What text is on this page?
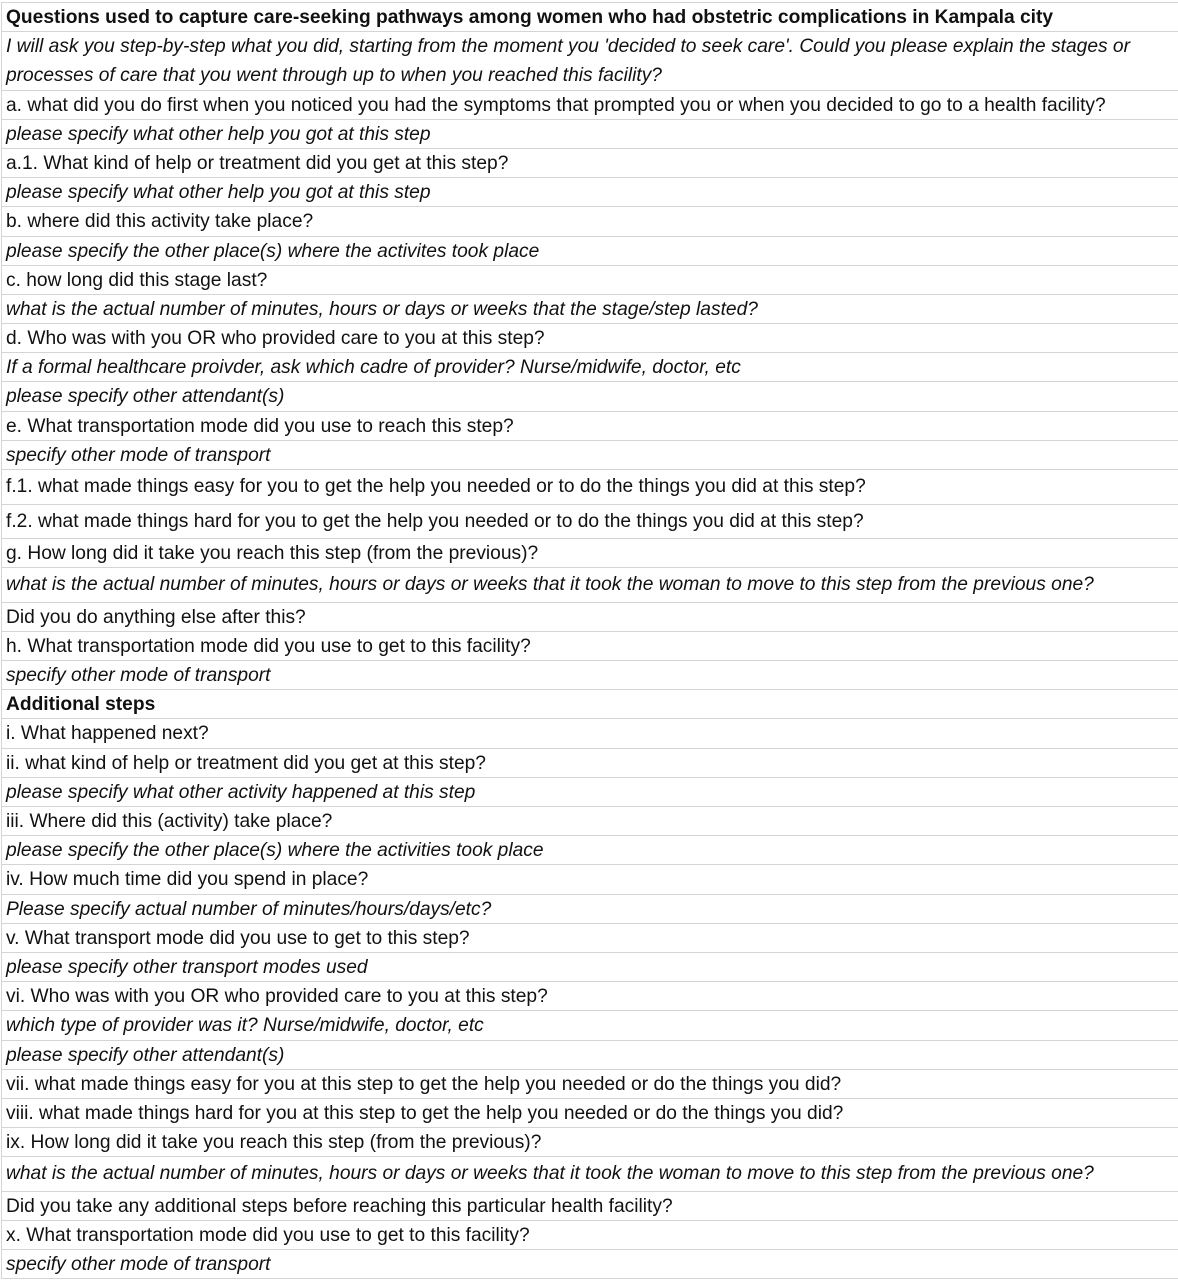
Questions used to capture care-seeking pathways among women who had obstetric complications in Kampala city
I will ask you step-by-step what you did, starting from the moment you 'decided to seek care'. Could you please explain the stages or processes of care that you went through up to when you reached this facility?
a. what did you do first when you noticed you had the symptoms that prompted you or when you decided to go to a health facility?
please specify what other help you got at this step
a.1. What kind of help or treatment did you get at this step?
please specify what other help you got at this step
b. where did this activity take place?
please specify the other place(s) where the activites took place
c. how long did this stage last?
what is the actual number of minutes, hours or days or weeks that the stage/step lasted?
d. Who was with you OR who provided care to you at this step?
If a formal healthcare proivder, ask which cadre of provider? Nurse/midwife, doctor, etc
please specify other attendant(s)
e. What transportation mode did you use to reach this step?
specify other mode of transport
f.1. what made things easy for you to get the help you needed or to do the things you did at this step?
f.2. what made things hard for you to get the help you needed or to do the things you did at this step?
g. How long did it take you reach this step (from the previous)?
what is the actual number of minutes, hours or days or weeks that it took the woman to move to this step from the previous one?
Did you do anything else after this?
h. What transportation mode did you use to get to this facility?
specify other mode of transport
Additional steps
i. What happened next?
ii. what kind of help or treatment did you get at this step?
please specify what other activity happened at this step
iii. Where did this (activity) take place?
please specify the other place(s) where the activities took place
iv. How much time did you spend in place?
Please specify actual number of minutes/hours/days/etc?
v. What transport mode did you use to get to this step?
please specify other transport modes used
vi. Who was with you OR who provided care to you at this step?
which type of provider was it? Nurse/midwife, doctor, etc
please specify other attendant(s)
vii. what made things easy for you at this step to get the help you needed or do the things you did?
viii. what made things hard for you at this step to get the help you needed or do the things you did?
ix. How long did it take you reach this step (from the previous)?
what is the actual number of minutes, hours or days or weeks that it took the woman to move to this step from the previous one?
Did you take any additional steps before reaching this particular health facility?
x. What transportation mode did you use to get to this facility?
specify other mode of transport
